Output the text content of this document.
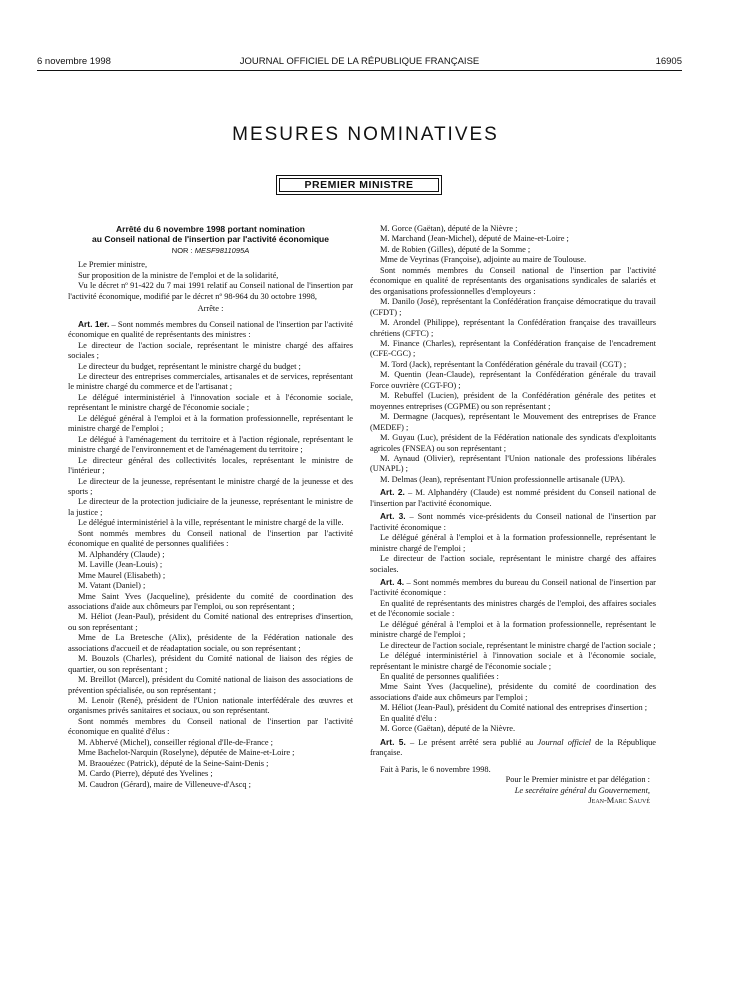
6 novembre 1998	JOURNAL OFFICIEL DE LA RÉPUBLIQUE FRANÇAISE	16905
MESURES NOMINATIVES
PREMIER MINISTRE
Arrêté du 6 novembre 1998 portant nomination
au Conseil national de l'insertion par l'activité économique
NOR : MESF9811095A

Le Premier ministre,

Sur proposition de la ministre de l'emploi et de la solidarité,

Vu le décret nº 91-422 du 7 mai 1991 relatif au Conseil national de l'insertion par l'activité économique, modifié par le décret nº 98-964 du 30 octobre 1998,

Arrête :

Art. 1er. – Sont nommés membres du Conseil national de l'insertion par l'activité économique en qualité de représentants des ministres :

Le directeur de l'action sociale, représentant le ministre chargé des affaires sociales ;

Le directeur du budget, représentant le ministre chargé du budget ;

Le directeur des entreprises commerciales, artisanales et de services, représentant le ministre chargé du commerce et de l'artisanat ;

Le délégué interministériel à l'innovation sociale et à l'économie sociale, représentant le ministre chargé de l'économie sociale ;

Le délégué général à l'emploi et à la formation professionnelle, représentant le ministre chargé de l'emploi ;

Le délégué à l'aménagement du territoire et à l'action régionale, représentant le ministre chargé de l'environnement et de l'aménagement du territoire ;

Le directeur général des collectivités locales, représentant le ministre de l'intérieur ;

Le directeur de la jeunesse, représentant le ministre chargé de la jeunesse et des sports ;

Le directeur de la protection judiciaire de la jeunesse, représentant le ministre de la justice ;

Le délégué interministériel à la ville, représentant le ministre chargé de la ville.

Sont nommés membres du Conseil national de l'insertion par l'activité économique en qualité de personnes qualifiées :

M. Alphandéry (Claude) ;

M. Laville (Jean-Louis) ;

Mme Maurel (Elisabeth) ;

M. Vatant (Daniel) ;

Mme Saint Yves (Jacqueline), présidente du comité de coordination des associations d'aide aux chômeurs par l'emploi, ou son représentant ;

M. Héliot (Jean-Paul), président du Comité national des entreprises d'insertion, ou son représentant ;

Mme de La Bretesche (Alix), présidente de la Fédération nationale des associations d'accueil et de réadaptation sociale, ou son représentant ;

M. Bouzols (Charles), président du Comité national de liaison des régies de quartier, ou son représentant ;

M. Breillot (Marcel), président du Comité national de liaison des associations de prévention spécialisée, ou son représentant ;

M. Lenoir (René), président de l'Union nationale interfédérale des œuvres et organismes privés sanitaires et sociaux, ou son représentant.

Sont nommés membres du Conseil national de l'insertion par l'activité économique en qualité d'élus :

M. Abhervé (Michel), conseiller régional d'Ile-de-France ;

Mme Bachelot-Narquin (Roselyne), députée de Maine-et-Loire ;

M. Braouézec (Patrick), député de la Seine-Saint-Denis ;

M. Cardo (Pierre), député des Yvelines ;

M. Caudron (Gérard), maire de Villeneuve-d'Ascq ;

M. Gorce (Gaëtan), député de la Nièvre ;

M. Marchand (Jean-Michel), député de Maine-et-Loire ;

M. de Robien (Gilles), député de la Somme ;

Mme de Veyrinas (Françoise), adjointe au maire de Toulouse.

Sont nommés membres du Conseil national de l'insertion par l'activité économique en qualité de représentants des organisations syndicales de salariés et des organisations professionnelles d'employeurs :

M. Danilo (José), représentant la Confédération française démocratique du travail (CFDT) ;

M. Arondel (Philippe), représentant la Confédération française des travailleurs chrétiens (CFTC) ;

M. Finance (Charles), représentant la Confédération française de l'encadrement (CFE-CGC) ;

M. Tord (Jack), représentant la Confédération générale du travail (CGT) ;

M. Quentin (Jean-Claude), représentant la Confédération générale du travail Force ouvrière (CGT-FO) ;

M. Rebuffel (Lucien), président de la Confédération générale des petites et moyennes entreprises (CGPME) ou son représentant ;

M. Dermagne (Jacques), représentant le Mouvement des entreprises de France (MEDEF) ;

M. Guyau (Luc), président de la Fédération nationale des syndicats d'exploitants agricoles (FNSEA) ou son représentant ;

M. Aynaud (Olivier), représentant l'Union nationale des professions libérales (UNAPL) ;

M. Delmas (Jean), représentant l'Union professionnelle artisanale (UPA).

Art. 2. – M. Alphandéry (Claude) est nommé président du Conseil national de l'insertion par l'activité économique.

Art. 3. – Sont nommés vice-présidents du Conseil national de l'insertion par l'activité économique :

Le délégué général à l'emploi et à la formation professionnelle, représentant le ministre chargé de l'emploi ;

Le directeur de l'action sociale, représentant le ministre chargé des affaires sociales.

Art. 4. – Sont nommés membres du bureau du Conseil national de l'insertion par l'activité économique :

En qualité de représentants des ministres chargés de l'emploi, des affaires sociales et de l'économie sociale :

Le délégué général à l'emploi et à la formation professionnelle, représentant le ministre chargé de l'emploi ;

Le directeur de l'action sociale, représentant le ministre chargé de l'action sociale ;

Le délégué interministériel à l'innovation sociale et à l'économie sociale, représentant le ministre chargé de l'économie sociale ;

En qualité de personnes qualifiées :

Mme Saint Yves (Jacqueline), présidente du comité de coordination des associations d'aide aux chômeurs par l'emploi ;

M. Héliot (Jean-Paul), président du Comité national des entreprises d'insertion ;

En qualité d'élu :

M. Gorce (Gaëtan), député de la Nièvre.

Art. 5. – Le présent arrêté sera publié au Journal officiel de la République française.

Fait à Paris, le 6 novembre 1998.

Pour le Premier ministre et par délégation :

Le secrétaire général du Gouvernement,

Jean-Marc Sauvé
